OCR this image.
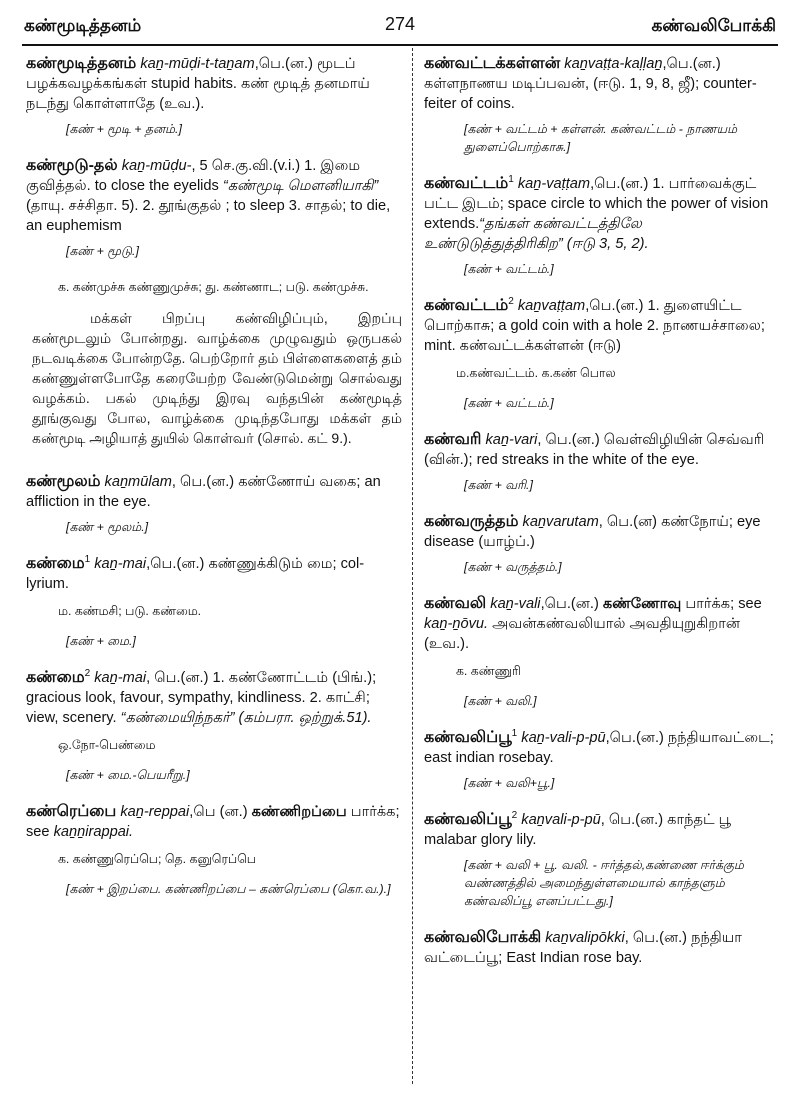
கண்மூடித்தனம்	274	கண்வலிபோக்கி

கண்மூடித்தனம் kaṉ-mūḍi-t-taṉam,பெ.(ன.) மூடப் பழக்கவழக்கங்கள் stupid habits. கண் மூடித் தனமாய் நடந்து கொள்ளாதே (உவ.).

[கண் + மூடி + தனம்.]

கண்மூடு-தல் kaṉ-mūḍu-, 5 செ.கு.வி.(v.i.) 1. இமை குவித்தல். to close the eyelids “கண்மூடி மௌனியாகி” (தாயு. சச்சிதா. 5). 2. தூங்குதல் ; to sleep 3. சாதல்; to die, an euphemism

[கண் + மூடு.]
க. கண்முச்சு கண்ணுமுச்சு; து. கண்ணாட; படு. கண்முச்சு.

மக்கள் பிறப்பு கண்விழிப்பும், இறப்பு கண்மூடலும் போன்றது. வாழ்க்கை முழுவதும் ஒருபகல் நடவடிக்கை போன்றதே. பெற்றோர் தம் பிள்ளைகளைத் தம் கண்ணுள்ளபோதே கரையேற்ற வேண்டுமென்று சொல்வது வழக்கம். பகல் முடிந்து இரவு வந்தபின் கண்மூடித் தூங்குவது போல, வாழ்க்கை முடிந்தபோது மக்கள் தம் கண்மூடி அழியாத் துயில் கொள்வர் (சொல். கட் 9.).

கண்மூலம் kaṉmūlam, பெ.(ன.) கண்ணோய் வகை; an affliction in the eye.

[கண் + மூலம்.]

கண்மை$^1$ kaṉ-mai,பெ.(ன.) கண்ணுக்கிடும் மை; col-lyrium.

ம. கண்மசி; படு. கண்மை.
[கண் + மை.]

கண்மை$^2$ kaṉ-mai, பெ.(ன.) 1. கண்ணோட்டம் (பிங்.); gracious look, favour, sympathy, kindliness. 2. காட்சி; view, scenery. “கண்மையிந்நகர்” (கம்பரா. ஒற்றுக்.51).

ஒ.நோ-பெண்மை
[கண் + மை.-பெயரீறு.]

கண்ரெப்பை kaṉ-reppai,பெ (ன.) கண்ணிறப்பை பார்க்க; see kaṉṉirappai.

க. கண்ணுரெப்பெ; தெ. கனுரெப்பெ
[கண் + இறப்பை. கண்ணிறப்பை – கண்ரெப்பை (கொ.வ.).]

கண்வட்டக்கள்ளன் kaṉvaṭṭa-kaḷḷaṉ,பெ.(ன.) கள்ளநாணய மடிப்பவன், (ஈடு. 1, 9, 8, ஜீ); counter-feiter of coins.

[கண் + வட்டம் + கள்ளன். கண்வட்டம் - நாணயம் துளைப்பொற்காசு.]

கண்வட்டம்$^1$ kaṉ-vaṭṭam,பெ.(ன.) 1. பார்வைக்குட் பட்ட இடம்; space circle to which the power of vision extends.“தங்கள் கண்வட்டத்திலே உண்டுடுத்துத்திரிகிற” (ஈடு 3, 5, 2).

[கண் + வட்டம்.]

கண்வட்டம்$^2$ kaṉvaṭṭam,பெ.(ன.) 1. துளையிட்ட பொற்காசு; a gold coin with a hole 2. நாணயச்சாலை; mint. கண்வட்டக்கள்ளன் (ஈடு)

ம.கண்வட்டம். க.கண் பொல
[கண் + வட்டம்.]

கண்வரி kaṉ-vari, பெ.(ன.) வெள்விழியின் செவ்வரி (வின்.); red streaks in the white of the eye.

[கண் + வரி.]

கண்வருத்தம் kaṉvarutam, பெ.(ன) கண்நோய்; eye disease (யாழ்ப்.)

[கண் + வருத்தம்.]

கண்வலி kaṉ-vali,பெ.(ன.) கண்ணோவு பார்க்க; see kaṉ-ṉōvu. அவன்கண்வலியால் அவதியுறுகிறான் (உவ.).

க. கண்ணுரி
[கண் + வலி.]

கண்வலிப்பூ$^1$ kaṉ-vali-p-pū,பெ.(ன.) நந்தியாவட்டை; east indian rosebay.

[கண் + வலி+பூ.]

கண்வலிப்பூ$^2$ kaṉvali-p-pū, பெ.(ன.) காந்தட் பூ malabar glory lily.

[கண் + வலி + பூ. வலி. - ஈர்த்தல்,கண்ணை ஈர்க்கும் வண்ணத்தில் அமைந்துள்ளமையால் காந்தளும் கண்வலிப்பூ எனப்பட்டது.]

கண்வலிபோக்கி kaṉvalipōkki, பெ.(ன.) நந்தியா வட்டைப்பூ; East Indian rose bay.
